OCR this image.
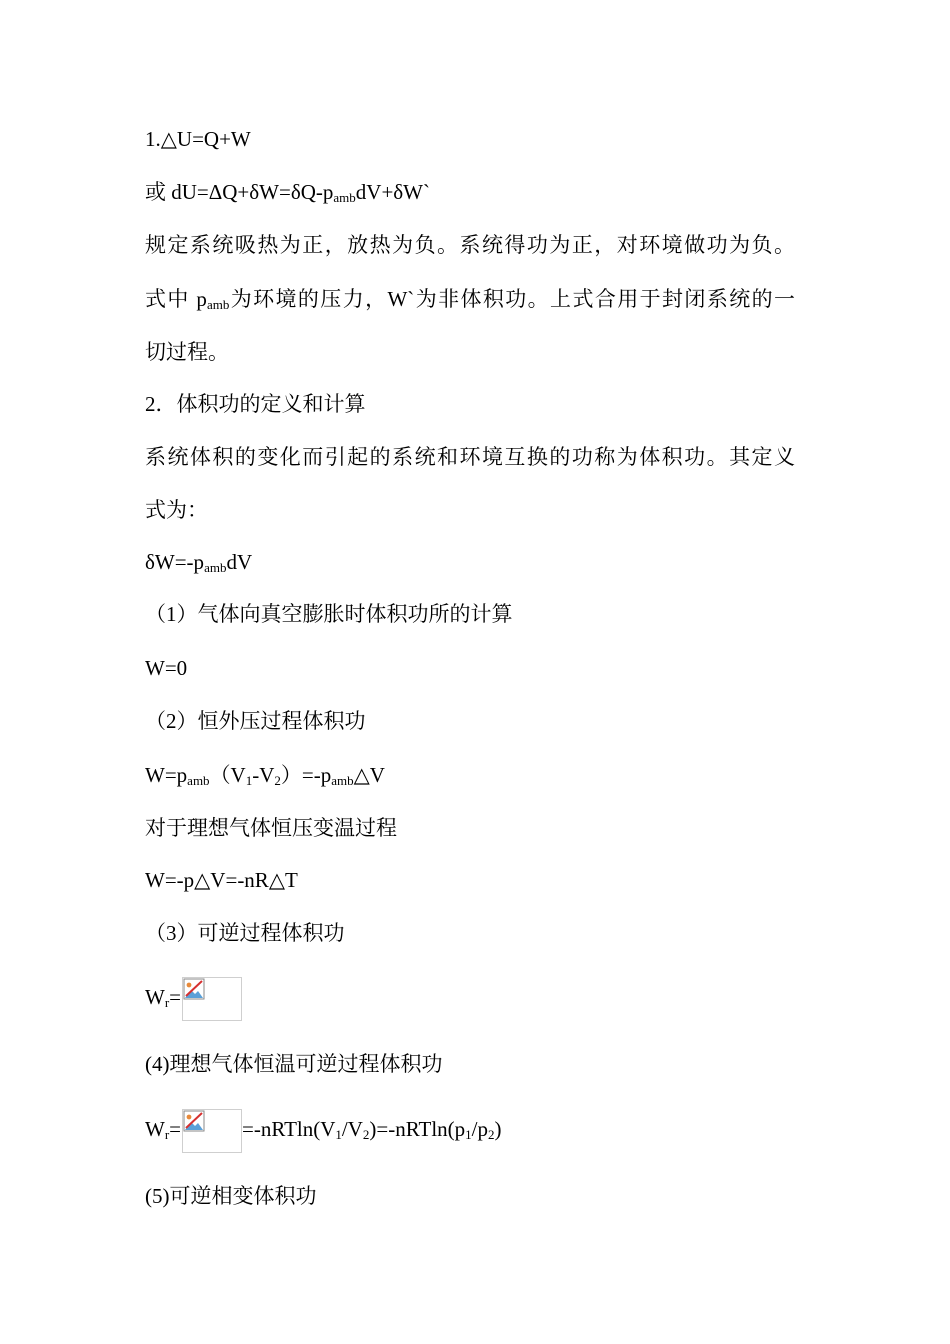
1.△U=Q+W
或 $dU=\Delta Q+\delta W=\delta Q-p_{amb}dV+\delta W`$
规定系统吸热为正，放热为负。系统得功为正，对环境做功为负。
式中 $p_{amb}$为环境的压力，W`为非体积功。上式合用于封闭系统的一
切过程。
2．体积功的定义和计算
系统体积的变化而引起的系统和环境互换的功称为体积功。其定义
式为：
$\delta W=-p_{amb}dV$
（1）气体向真空膨胀时体积功所的计算
W=0
（2）恒外压过程体积功
$W=p_{amb}(V_1-V_2)=-p_{amb}\triangle V$
对于理想气体恒压变温过程
W=-p△V=-nR△T
（3）可逆过程体积功
$W_r=$
(4)理想气体恒温可逆过程体积功
$W_r=$	$=-nRTln(V_1/V_2)=-nRTln(p_1/p_2)$
(5)可逆相变体积功
